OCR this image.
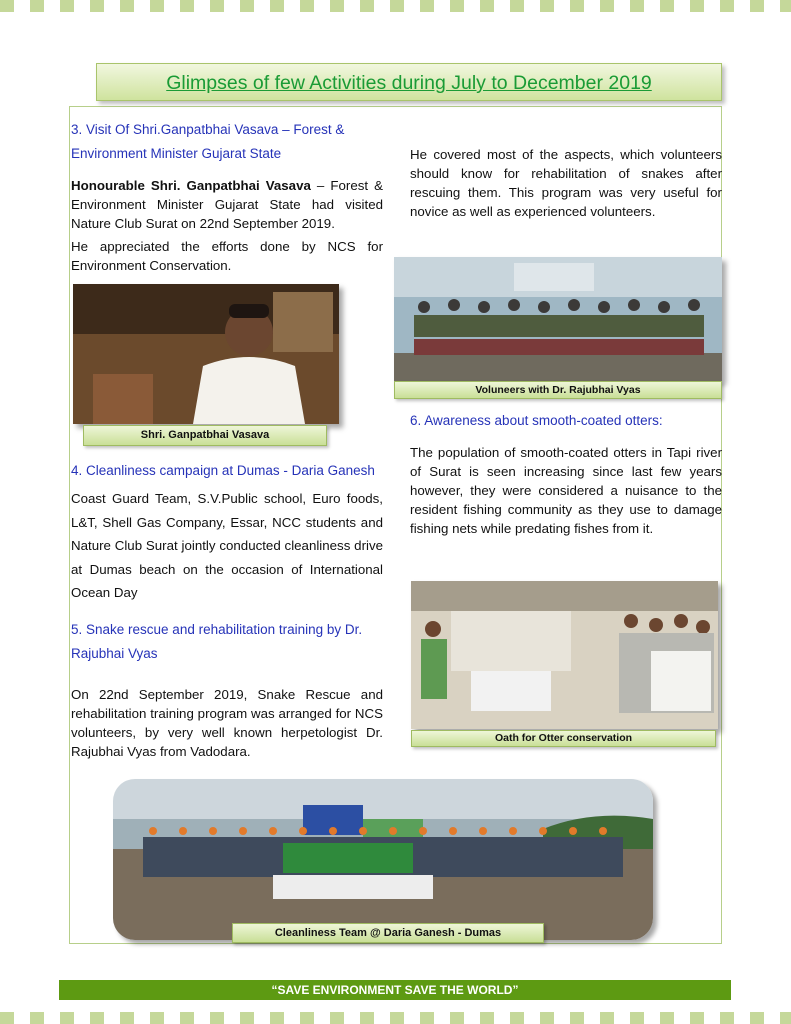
Glimpses of few Activities during July to December 2019
3. Visit Of Shri.Ganpatbhai Vasava – Forest &
Environment Minister Gujarat State
Honourable Shri. Ganpatbhai Vasava – Forest & Environment Minister Gujarat State had visited Nature Club Surat on 22nd September 2019.
He appreciated the efforts done by NCS for Environment Conservation.
Shri. Ganpatbhai Vasava
4. Cleanliness campaign at Dumas - Daria Ganesh
Coast Guard Team, S.V.Public school, Euro foods, L&T, Shell Gas Company, Essar, NCC students and Nature Club Surat jointly conducted cleanliness drive at Dumas beach on the occasion of International Ocean Day
5. Snake rescue and rehabilitation training by Dr.
Rajubhai Vyas
On 22nd September 2019, Snake Rescue and rehabilitation training program was arranged for NCS volunteers, by very well known herpetologist Dr. Rajubhai Vyas from Vadodara.
He covered most of the aspects, which volunteers should know for rehabilitation of snakes after rescuing them. This program was very useful for novice as well as experienced volunteers.
Voluneers with Dr. Rajubhai Vyas
6. Awareness about smooth-coated otters:
The population of smooth-coated otters in Tapi river of Surat is seen increasing since last few years however, they were considered a nuisance to the resident fishing community as they use to damage fishing nets while predating fishes from it.
Oath for Otter conservation
Cleanliness Team @ Daria Ganesh - Dumas
“SAVE ENVIRONMENT SAVE THE WORLD”
